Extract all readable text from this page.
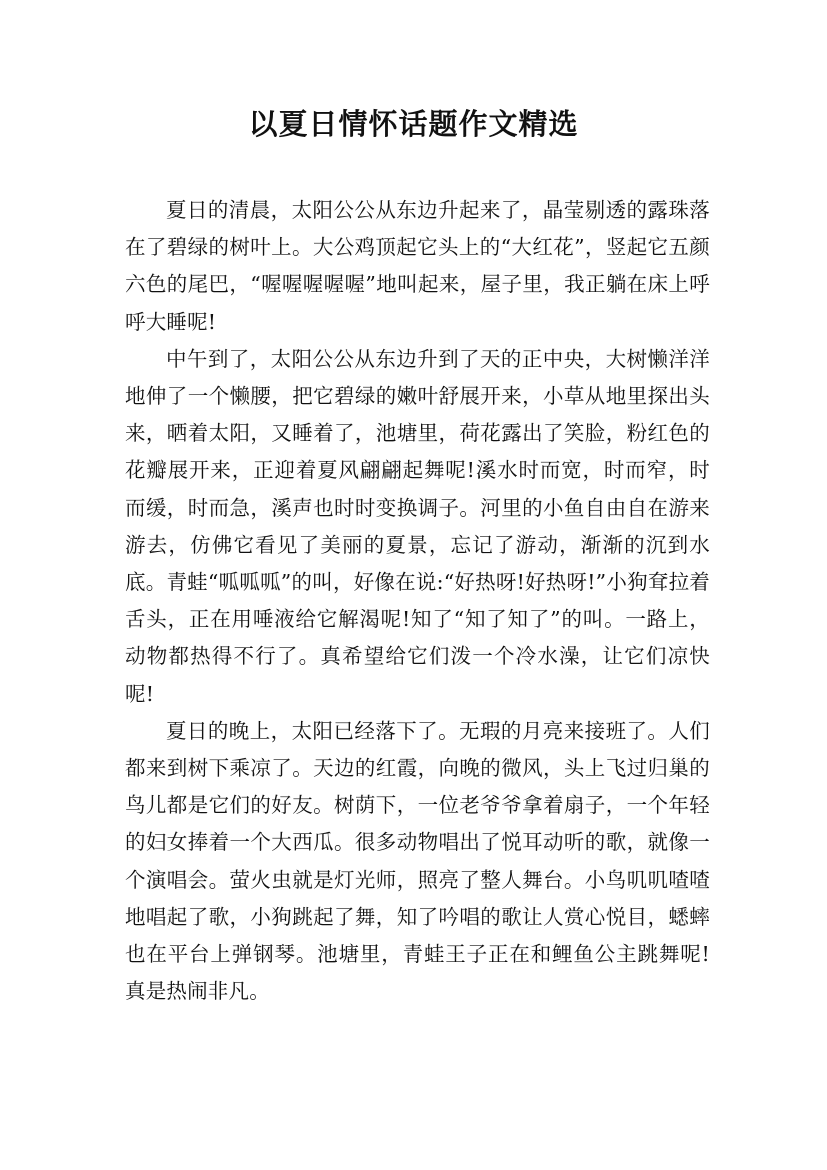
以夏日情怀话题作文精选

夏日的清晨，太阳公公从东边升起来了，晶莹剔透的露珠落在了碧绿的树叶上。大公鸡顶起它头上的“大红花”，竖起它五颜六色的尾巴，“喔喔喔喔喔”地叫起来，屋子里，我正躺在床上呼呼大睡呢!

中午到了，太阳公公从东边升到了天的正中央，大树懒洋洋地伸了一个懒腰，把它碧绿的嫩叶舒展开来，小草从地里探出头来，晒着太阳，又睡着了，池塘里，荷花露出了笑脸，粉红色的花瓣展开来，正迎着夏风翩翩起舞呢!溪水时而宽，时而窄，时而缓，时而急，溪声也时时变换调子。河里的小鱼自由自在游来游去，仿佛它看见了美丽的夏景，忘记了游动，渐渐的沉到水底。青蛙“呱呱呱”的叫，好像在说:“好热呀!好热呀!”小狗耷拉着舌头，正在用唾液给它解渴呢!知了“知了知了”的叫。一路上，动物都热得不行了。真希望给它们泼一个冷水澡，让它们凉快呢!

夏日的晚上，太阳已经落下了。无瑕的月亮来接班了。人们都来到树下乘凉了。天边的红霞，向晚的微风，头上飞过归巢的鸟儿都是它们的好友。树荫下，一位老爷爷拿着扇子，一个年轻的妇女捧着一个大西瓜。很多动物唱出了悦耳动听的歌，就像一个演唱会。萤火虫就是灯光师，照亮了整人舞台。小鸟叽叽喳喳地唱起了歌，小狗跳起了舞，知了吟唱的歌让人赏心悦目，蟋蟀也在平台上弹钢琴。池塘里，青蛙王子正在和鲤鱼公主跳舞呢!真是热闹非凡。
